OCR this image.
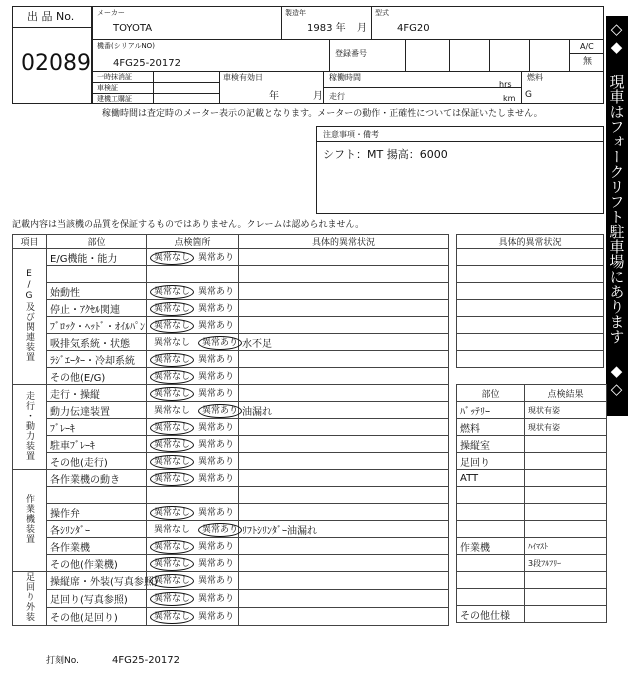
出 品 No.
02089
メーカー
TOYOTA
製造年
1983 年 月
型式
4FG20
機番(シリアルNO)
4FG25-20172
登録番号
A/C
無
一時抹消証
車検証
建機工購証
車検有効日
年	月
稼働時間
hrs
走行	km
燃料
G
稼働時間は査定時のメーター表示の記載となります。メーターの動作・正確性については保証いたしません。
注意事項・備考
シフト：MT 揚高：6000
記載内容は当該機の品質を保証するものではありません。クレームは認められません。	◇◆ 現車はフォークリフト駐車場にあります ◆◇
項目	部位	点検箇所	具体的異常状況
E/G及び関連装置	E/G機能・能力	異常なし 異常あり	

	始動性	異常なし 異常あり	
	停止・ｱｸｾﾙ関連	異常なし 異常あり	
	ﾌﾞﾛｯｸ・ﾍｯﾄﾞ・ｵｲﾙﾊﾟﾝ	異常なし 異常あり	
	吸排気系統・状態	異常なし 異常あり	水不足
	ﾗｼﾞｴｰﾀｰ・冷却系統	異常なし 異常あり	
	その他(E/G)	異常なし 異常あり	
走行・動力装置	走行・操縦	異常なし 異常あり	
	動力伝達装置	異常なし 異常あり	油漏れ
	ﾌﾞﾚｰｷ	異常なし 異常あり	
	駐車ﾌﾞﾚｰｷ	異常なし 異常あり	
	その他(走行)	異常なし 異常あり	
作業機装置	各作業機の動き	異常なし 異常あり	

	操作弁	異常なし 異常あり	
	各ｼﾘﾝﾀﾞｰ	異常なし 異常あり	ﾘﾌﾄｼﾘﾝﾀﾞｰ油漏れ
	各作業機	異常なし 異常あり	
	その他(作業機)	異常なし 異常あり	
足回り外装	操縦席・外装(写真参照)	異常なし 異常あり	
	足回り(写真参照)	異常なし 異常あり	
	その他(足回り)	異常なし 異常あり	
具体的異常状況

部位	点検結果
ﾊﾞｯﾃﾘｰ	現状有姿
燃料	現状有姿
操縦室	
足回り	
ATT	

作業機	ﾊｲﾏｽﾄ
	3段ﾌﾙﾌﾘｰ

その他仕様	
打刻No.	4FG25-20172
